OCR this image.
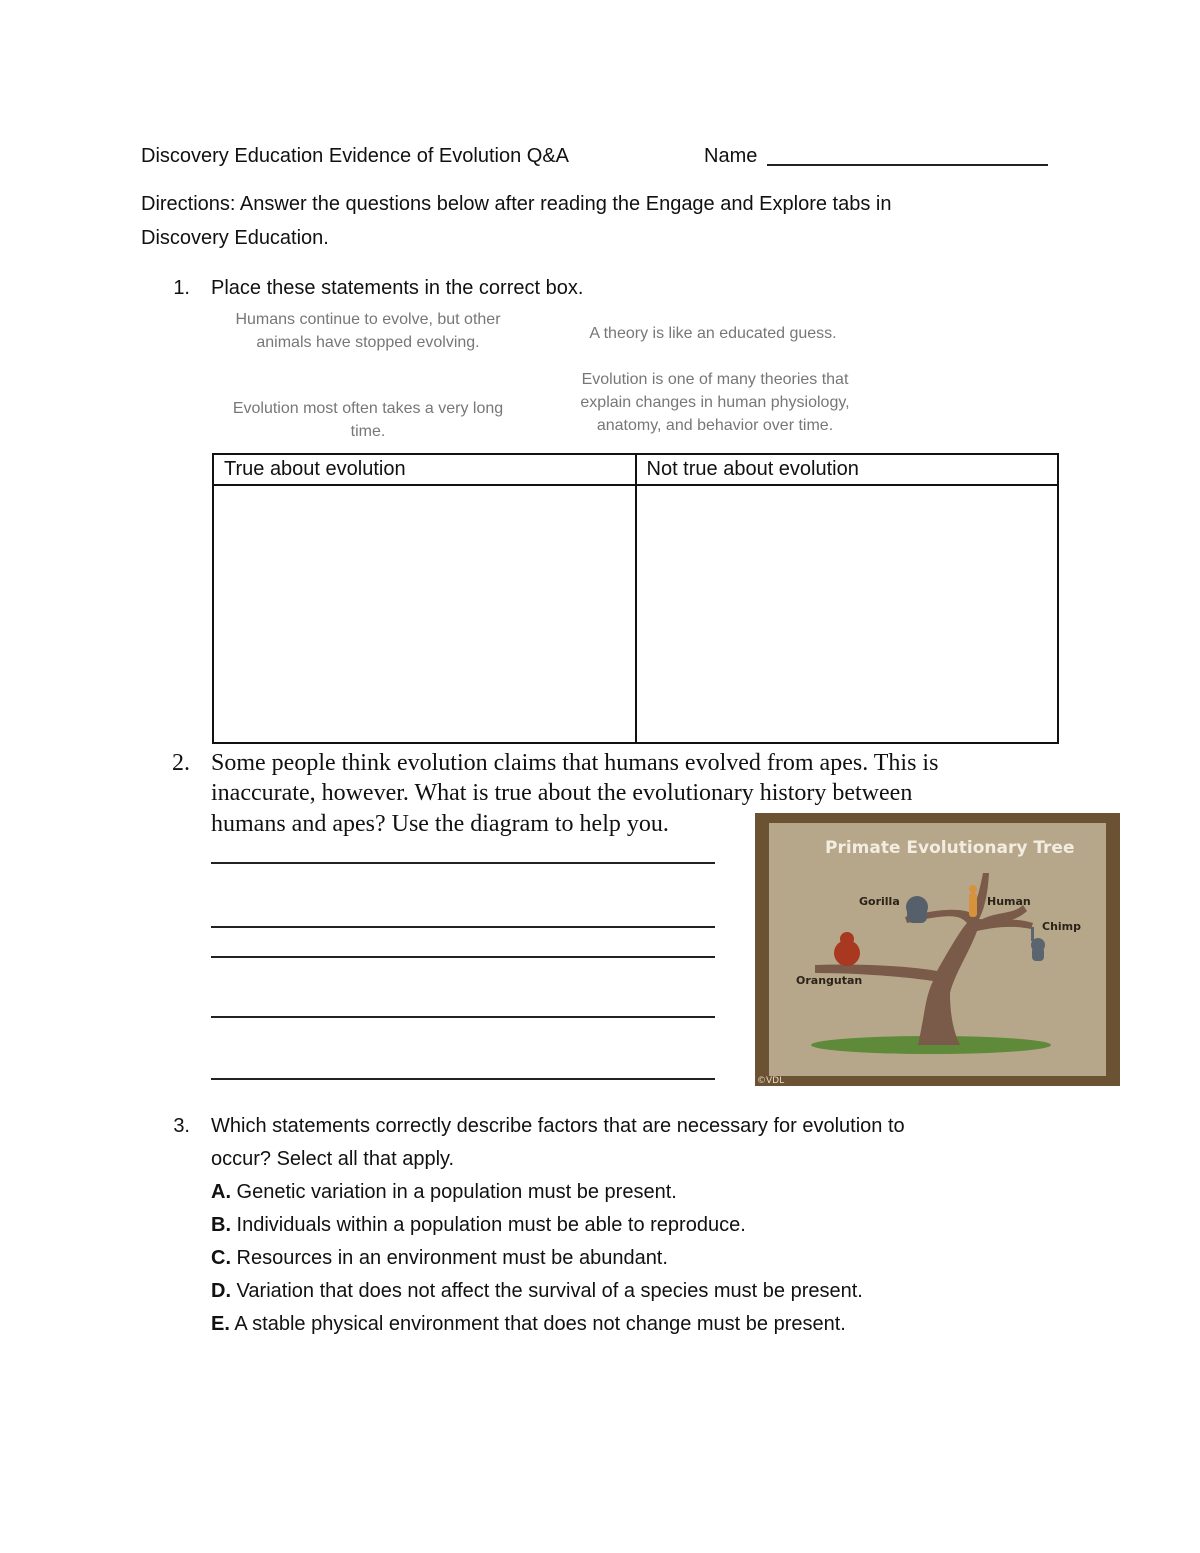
Discovery Education Evidence of Evolution Q&A	Name
Directions: Answer the questions below after reading the Engage and Explore tabs in
Discovery Education.
1. Place these statements in the correct box.
Humans continue to evolve, but other
animals have stopped evolving.
A theory is like an educated guess.
Evolution most often takes a very long
time.
Evolution is one of many theories that
explain changes in human physiology,
anatomy, and behavior over time.
True about evolution	Not true about evolution

2. Some people think evolution claims that humans evolved from apes. This is
inaccurate, however. What is true about the evolutionary history between
humans and apes? Use the diagram to help you.
Primate Evolutionary Tree
Gorilla	Human
Chimp
Orangutan
©VDL
3. Which statements correctly describe factors that are necessary for evolution to
occur? Select all that apply.
A. Genetic variation in a population must be present.
B. Individuals within a population must be able to reproduce.
C. Resources in an environment must be abundant.
D. Variation that does not affect the survival of a species must be present.
E. A stable physical environment that does not change must be present.
